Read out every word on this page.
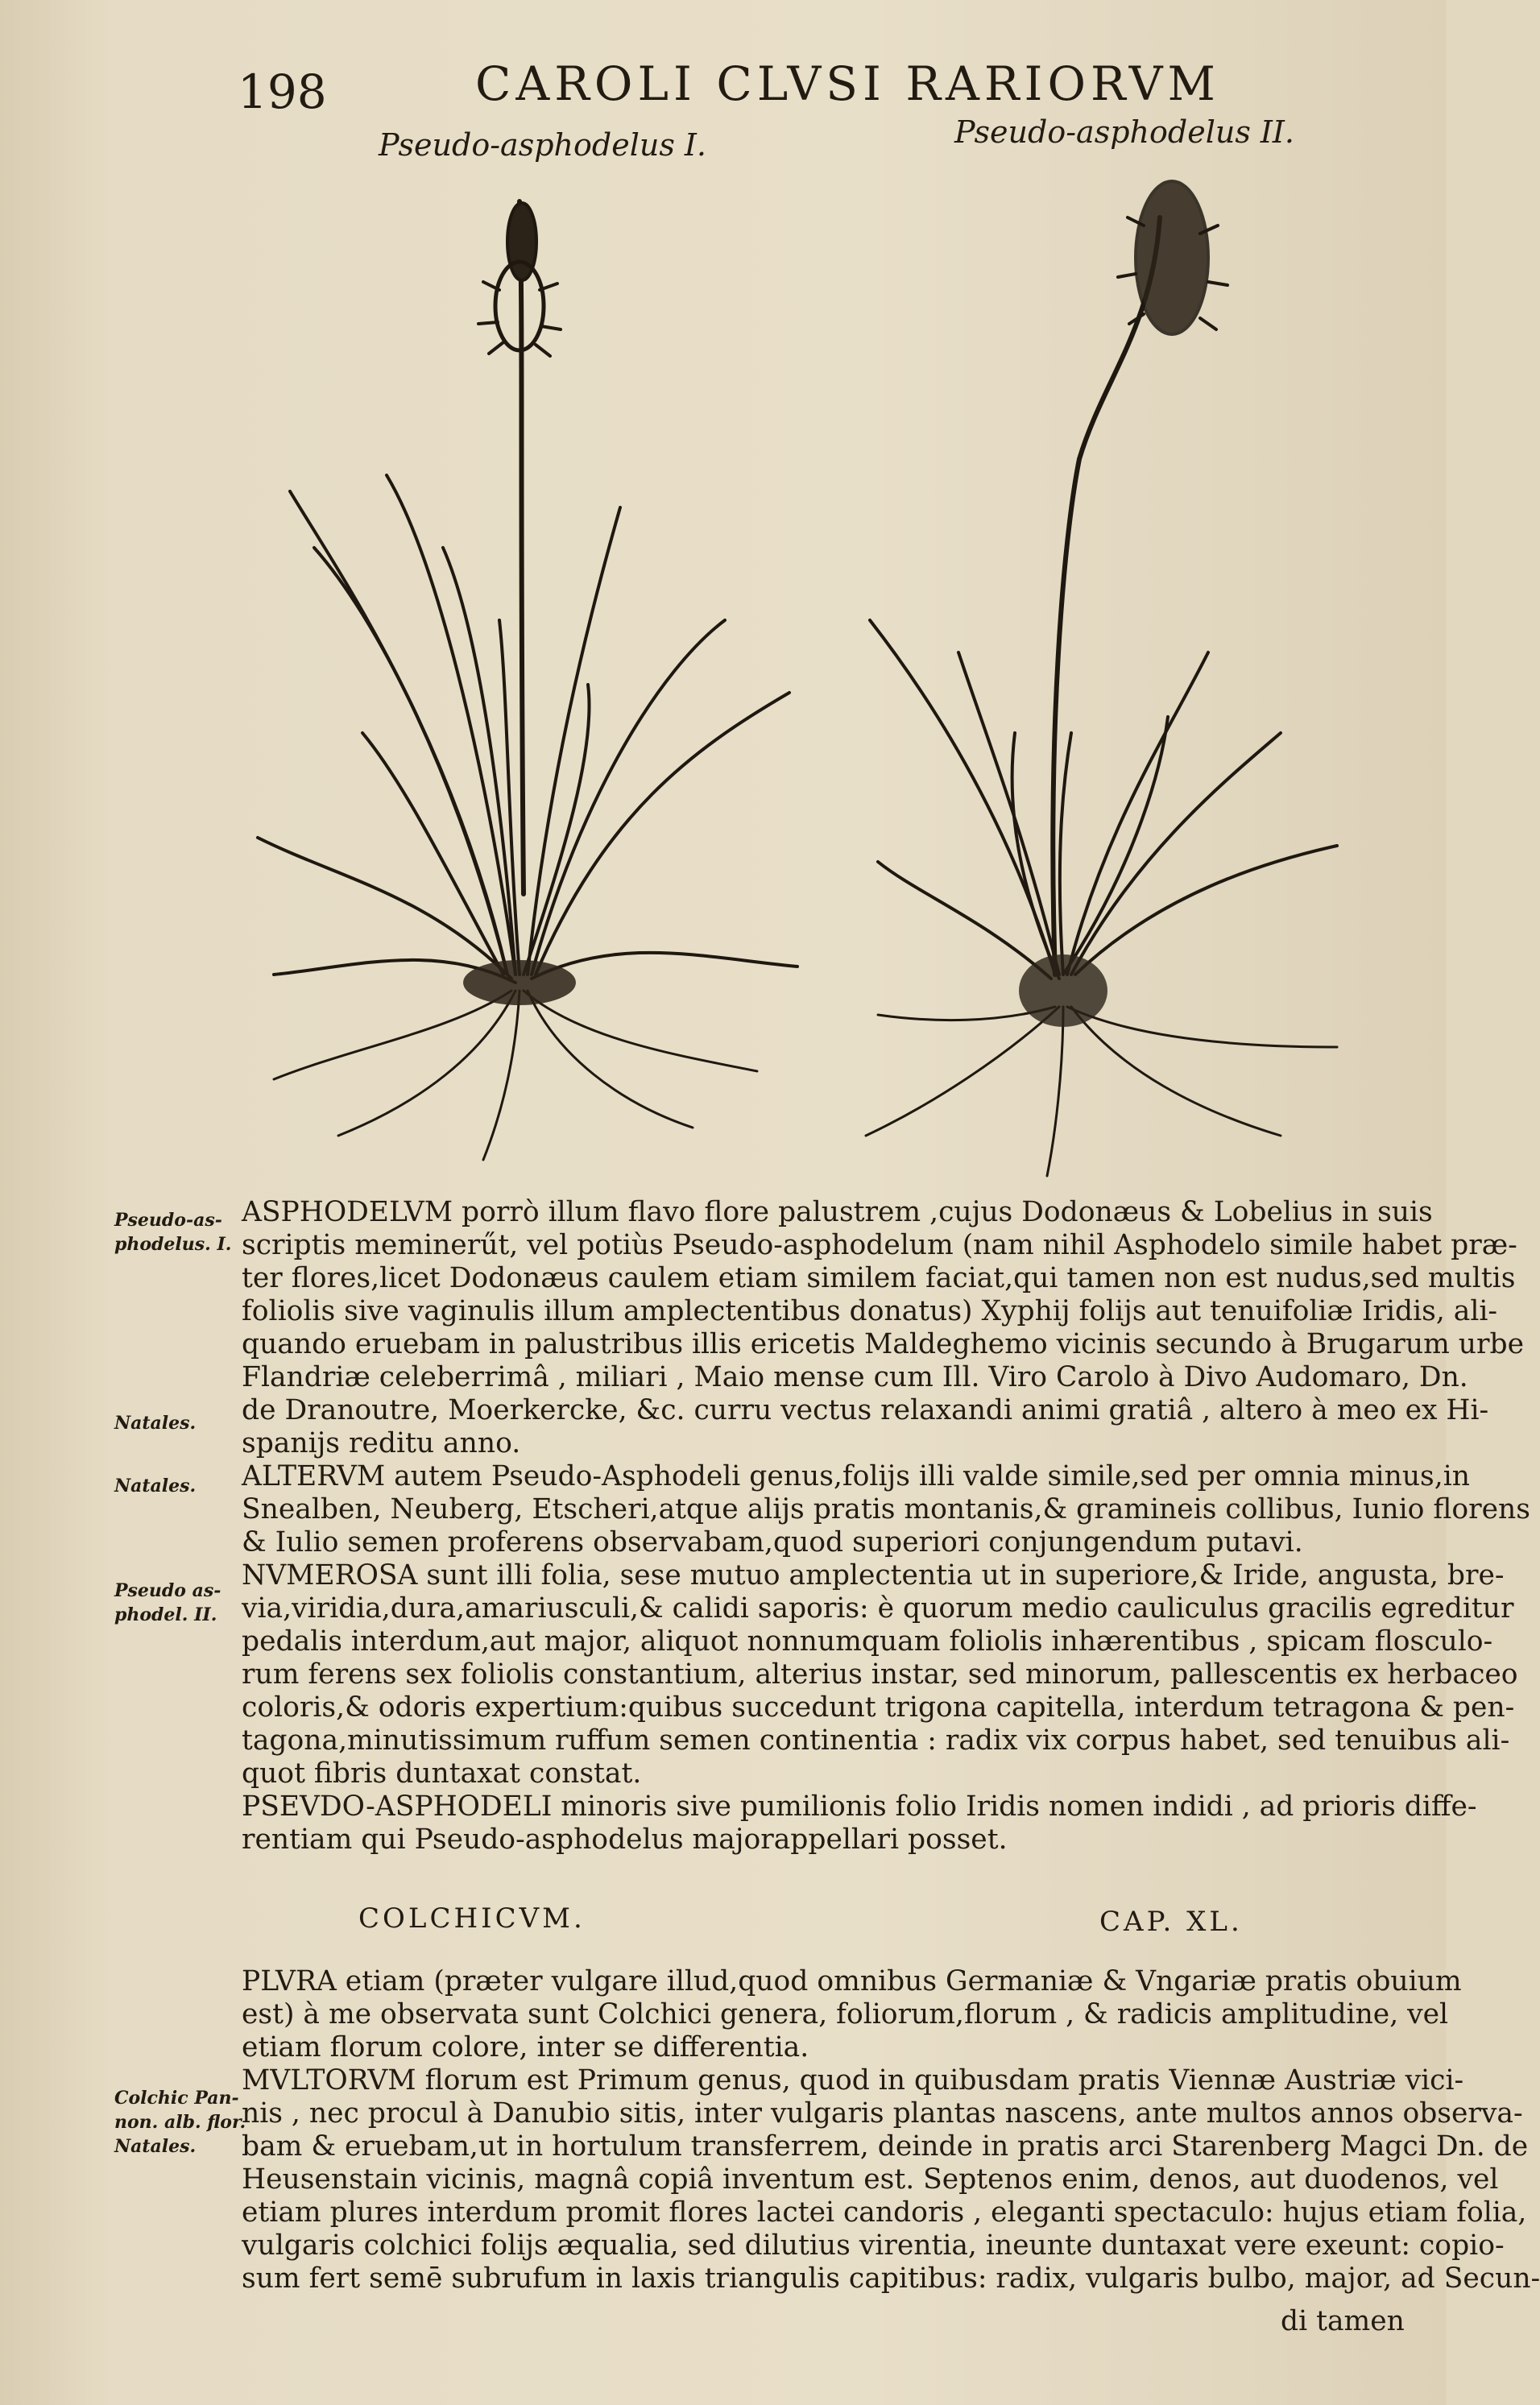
198	CAROLI CLVSI RARIORVM
Pseudo-asphodelus I.	Pseudo-asphodelus II.
Pseudo-as-
phodelus. I.
Natales.
Natales.
Pseudo as-
phodel. II.
Colchic Pan-
non. alb. flor.
Natales.
ASPHODELVM porrò illum flavo flore palustrem ,cujus Dodonæus & Lobelius in suis
scriptis meminerűt, vel potiùs Pseudo-asphodelum (nam nihil Asphodelo simile habet præ-
ter flores,licet Dodonæus caulem etiam similem faciat,qui tamen non est nudus,sed multis
foliolis sive vaginulis illum amplectentibus donatus) Xyphij folijs aut tenuifoliæ Iridis, ali-
quando eruebam in palustribus illis ericetis Maldeghemo vicinis secundo à Brugarum urbe
Flandriæ celeberrimâ , miliari , Maio mense cum Ill. Viro Carolo à Divo Audomaro, Dn.
de Dranoutre, Moerkercke, &c. curru vectus relaxandi animi gratiâ , altero à meo ex Hi-
spanijs reditu anno.
ALTERVM autem Pseudo-Asphodeli genus,folijs illi valde simile,sed per omnia minus,in
Snealben, Neuberg, Etscheri,atque alijs pratis montanis,& gramineis collibus, Iunio florens
& Iulio semen proferens observabam,quod superiori conjungendum putavi.
NVMEROSA sunt illi folia, sese mutuo amplectentia ut in superiore,& Iride, angusta, bre-
via,viridia,dura,amariusculi,& calidi saporis: è quorum medio cauliculus gracilis egreditur
pedalis interdum,aut major, aliquot nonnumquam foliolis inhærentibus , spicam flosculo-
rum ferens sex foliolis constantium, alterius instar, sed minorum, pallescentis ex herbaceo
coloris,& odoris expertium:quibus succedunt trigona capitella, interdum tetragona & pen-
tagona,minutissimum ruffum semen continentia : radix vix corpus habet, sed tenuibus ali-
quot fibris duntaxat constat.
PSEVDO-ASPHODELI minoris sive pumilionis folio Iridis nomen indidi , ad prioris diffe-
rentiam qui Pseudo-asphodelus majorappellari posset.
COLCHICVM.	CAP. XL.
PLVRA etiam (præter vulgare illud,quod omnibus Germaniæ & Vngariæ pratis obuium
est) à me observata sunt Colchici genera, foliorum,florum , & radicis amplitudine, vel
etiam florum colore, inter se differentia.
MVLTORVM florum est Primum genus, quod in quibusdam pratis Viennæ Austriæ vici-
nis , nec procul à Danubio sitis, inter vulgaris plantas nascens, ante multos annos observa-
bam & eruebam,ut in hortulum transferrem, deinde in pratis arci Starenberg Magci Dn. de
Heusenstain vicinis, magnâ copiâ inventum est. Septenos enim, denos, aut duodenos, vel
etiam plures interdum promit flores lactei candoris , eleganti spectaculo: hujus etiam folia,
vulgaris colchici folijs æqualia, sed dilutius virentia, ineunte duntaxat vere exeunt: copio-
sum fert semē subrufum in laxis triangulis capitibus: radix, vulgaris bulbo, major, ad Secun-
di tamen
